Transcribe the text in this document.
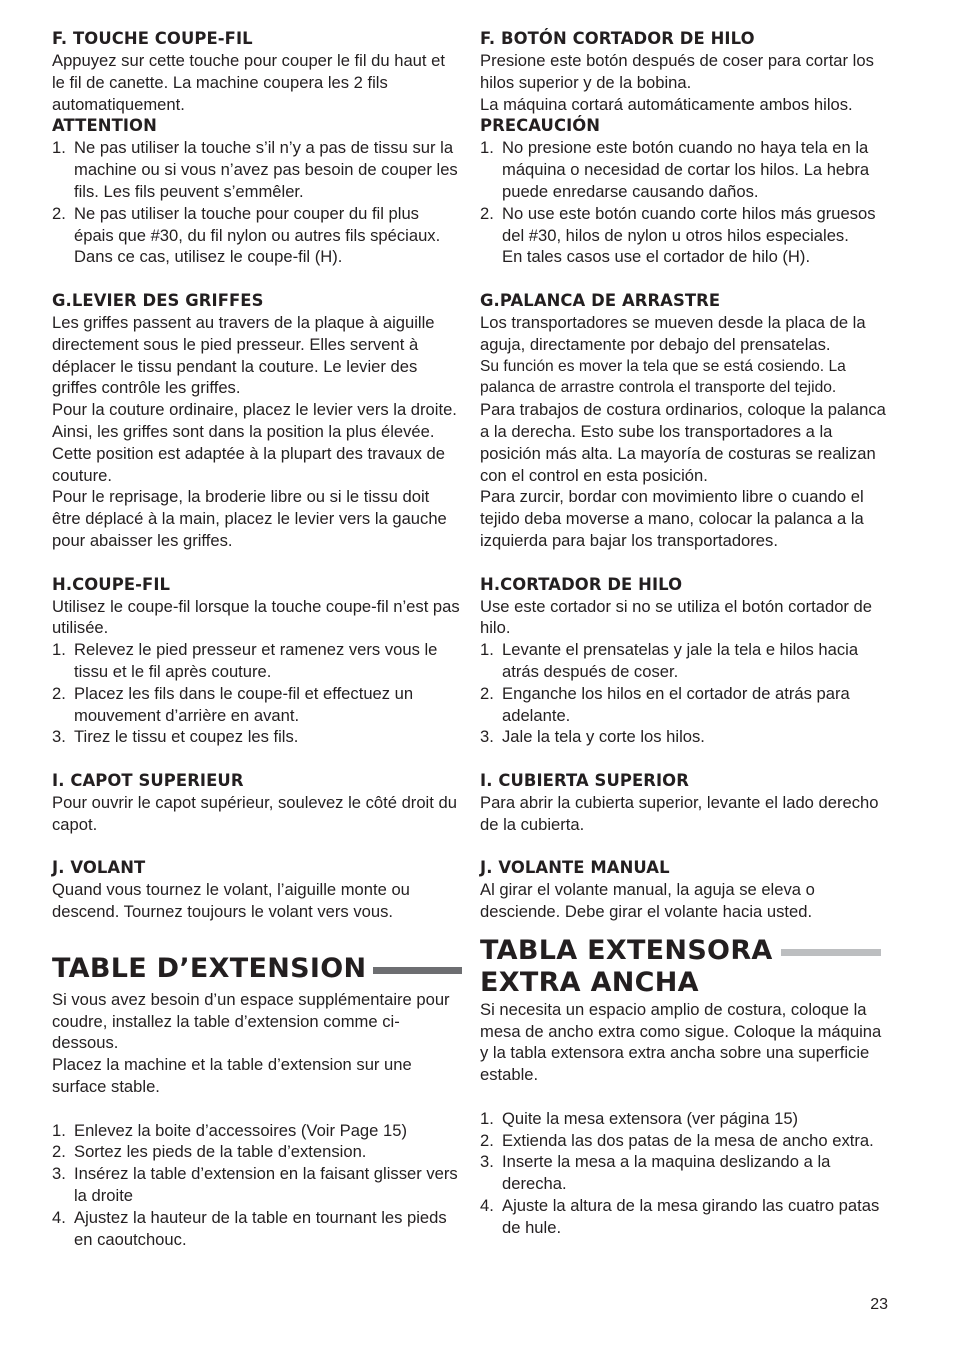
F. TOUCHE COUPE-FIL

Appuyez sur cette touche pour couper le fil du haut et le fil de canette. La machine coupera les 2 fils automatiquement.

ATTENTION

1. Ne pas utiliser la touche s’il n’y a pas de tissu sur la machine ou si vous n’avez pas besoin de couper les fils. Les fils peuvent s’emmêler.
2. Ne pas utiliser la touche pour couper du fil plus épais que #30, du fil nylon ou autres fils spéciaux.
Dans ce cas, utilisez le coupe-fil (H).

G.LEVIER DES GRIFFES

Les griffes passent au travers de la plaque à aiguille directement sous le pied presseur. Elles servent à déplacer le tissu pendant la couture. Le levier des griffes contrôle les griffes.

Pour la couture ordinaire, placez le levier vers la droite. Ainsi, les griffes sont dans la position la plus élevée. Cette position est adaptée à la plupart des travaux de couture.

Pour le reprisage, la broderie libre ou si le tissu doit être déplacé à la main, placez le levier vers la gauche pour abaisser les griffes.

H.COUPE-FIL

Utilisez le coupe-fil lorsque la touche coupe-fil n’est pas utilisée.

1. Relevez le pied presseur et ramenez vers vous le tissu et le fil après couture.
2. Placez les fils dans le coupe-fil et effectuez un mouvement d’arrière en avant.
3. Tirez le tissu et coupez les fils.

I. CAPOT SUPERIEUR

Pour ouvrir le capot supérieur, soulevez le côté droit du capot.

J. VOLANT

Quand vous tournez le volant, l’aiguille monte ou descend. Tournez toujours le volant vers vous.

TABLE D’EXTENSION

Si vous avez besoin d’un espace supplémentaire pour coudre, installez la table d’extension comme ci-dessous.

Placez la machine et la table d’extension sur une surface stable.

1. Enlevez la boite d’accessoires (Voir Page 15)
2. Sortez les pieds de la table d’extension.
3. Insérez la table d’extension en la faisant glisser vers la droite
4. Ajustez la hauteur de la table en tournant les pieds en caoutchouc.

F. BOTÓN CORTADOR DE HILO

Presione este botón después de coser para cortar los hilos superior y de la bobina.

La máquina cortará automáticamente ambos hilos.

PRECAUCIÓN

1. No presione este botón cuando no haya tela en la máquina o necesidad de cortar los hilos. La hebra puede enredarse causando daños.
2. No use este botón cuando corte hilos más gruesos del #30, hilos de nylon u otros hilos especiales.
En tales casos use el cortador de hilo (H).

G.PALANCA DE ARRASTRE

Los transportadores se mueven desde la placa de la aguja, directamente por debajo del prensatelas.

Su función es mover la tela que se está cosiendo. La palanca de arrastre controla el transporte del tejido.

Para trabajos de costura ordinarios, coloque la palanca a la derecha. Esto sube los transportadores a la posición más alta. La mayoría de costuras se realizan con el control en esta posición.

Para zurcir, bordar con movimiento libre o cuando el tejido deba moverse a mano, colocar la palanca a la izquierda para bajar los transportadores.

H.CORTADOR DE HILO

Use este cortador si no se utiliza el botón cortador de hilo.

1. Levante el prensatelas y jale la tela e hilos hacia atrás después de coser.
2. Enganche los hilos en el cortador de atrás para adelante.
3. Jale la tela y corte los hilos.

I. CUBIERTA SUPERIOR

Para abrir la cubierta superior, levante el lado derecho de la cubierta.

J. VOLANTE MANUAL

Al girar el volante manual, la aguja se eleva o desciende. Debe girar el volante hacia usted.

TABLA EXTENSORA
EXTRA ANCHA

Si necesita un espacio amplio de costura, coloque la mesa de ancho extra como sigue. Coloque la máquina y la tabla extensora extra ancha sobre una superficie estable.

1. Quite la mesa extensora (ver página 15)
2. Extienda las dos patas de la mesa de ancho extra.
3. Inserte la mesa a la maquina deslizando a la derecha.
4. Ajuste la altura de la mesa girando las cuatro patas de hule.
23
